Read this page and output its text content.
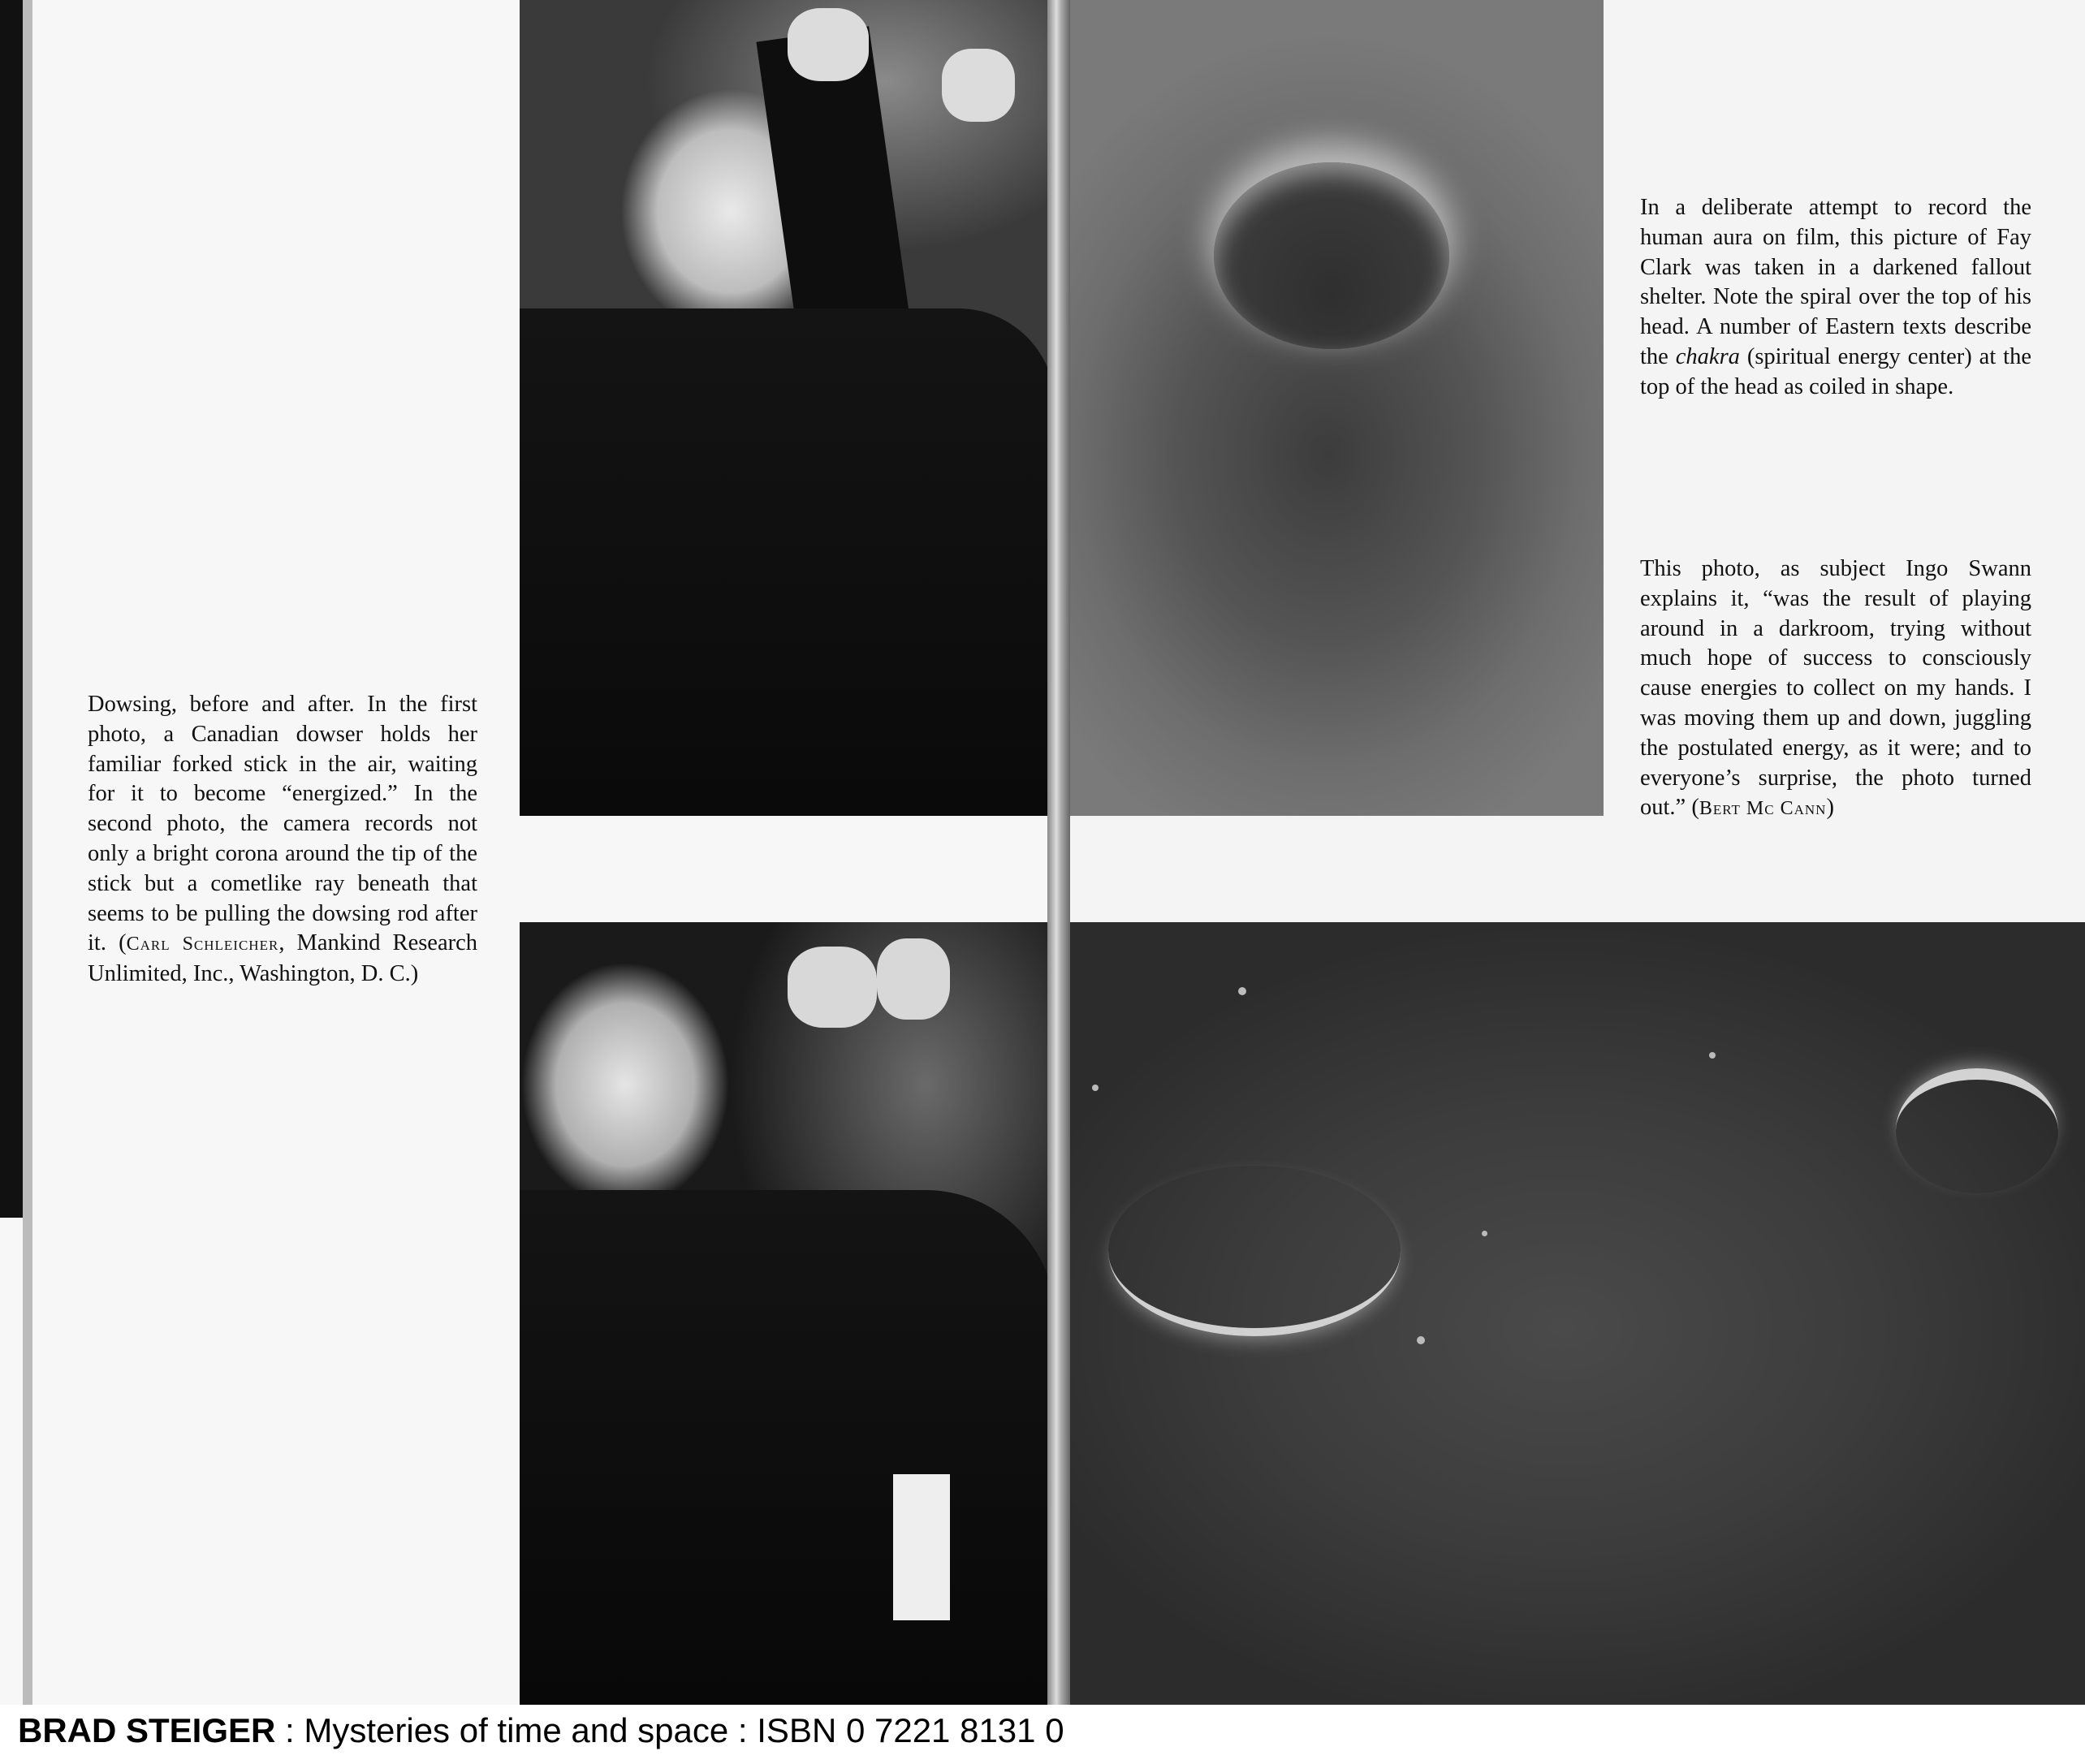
Dowsing, before and after. In the first photo, a Canadian dowser holds her familiar forked stick in the air, waiting for it to become “energized.” In the second photo, the camera records not only a bright corona around the tip of the stick but a cometlike ray beneath that seems to be pulling the dowsing rod after it. (Carl Schleicher, Mankind Research Unlimited, Inc., Washington, D. C.)

In a deliberate attempt to record the human aura on film, this picture of Fay Clark was taken in a darkened fallout shelter. Note the spiral over the top of his head. A number of Eastern texts describe the chakra (spiritual energy center) at the top of the head as coiled in shape.

This photo, as subject Ingo Swann explains it, “was the result of playing around in a darkroom, trying without much hope of success to consciously cause energies to collect on my hands. I was moving them up and down, juggling the postulated energy, as it were; and to everyone’s surprise, the photo turned out.” (Bert Mc Cann)

BRAD STEIGER : Mysteries of time and space : ISBN 0 7221 8131 0
